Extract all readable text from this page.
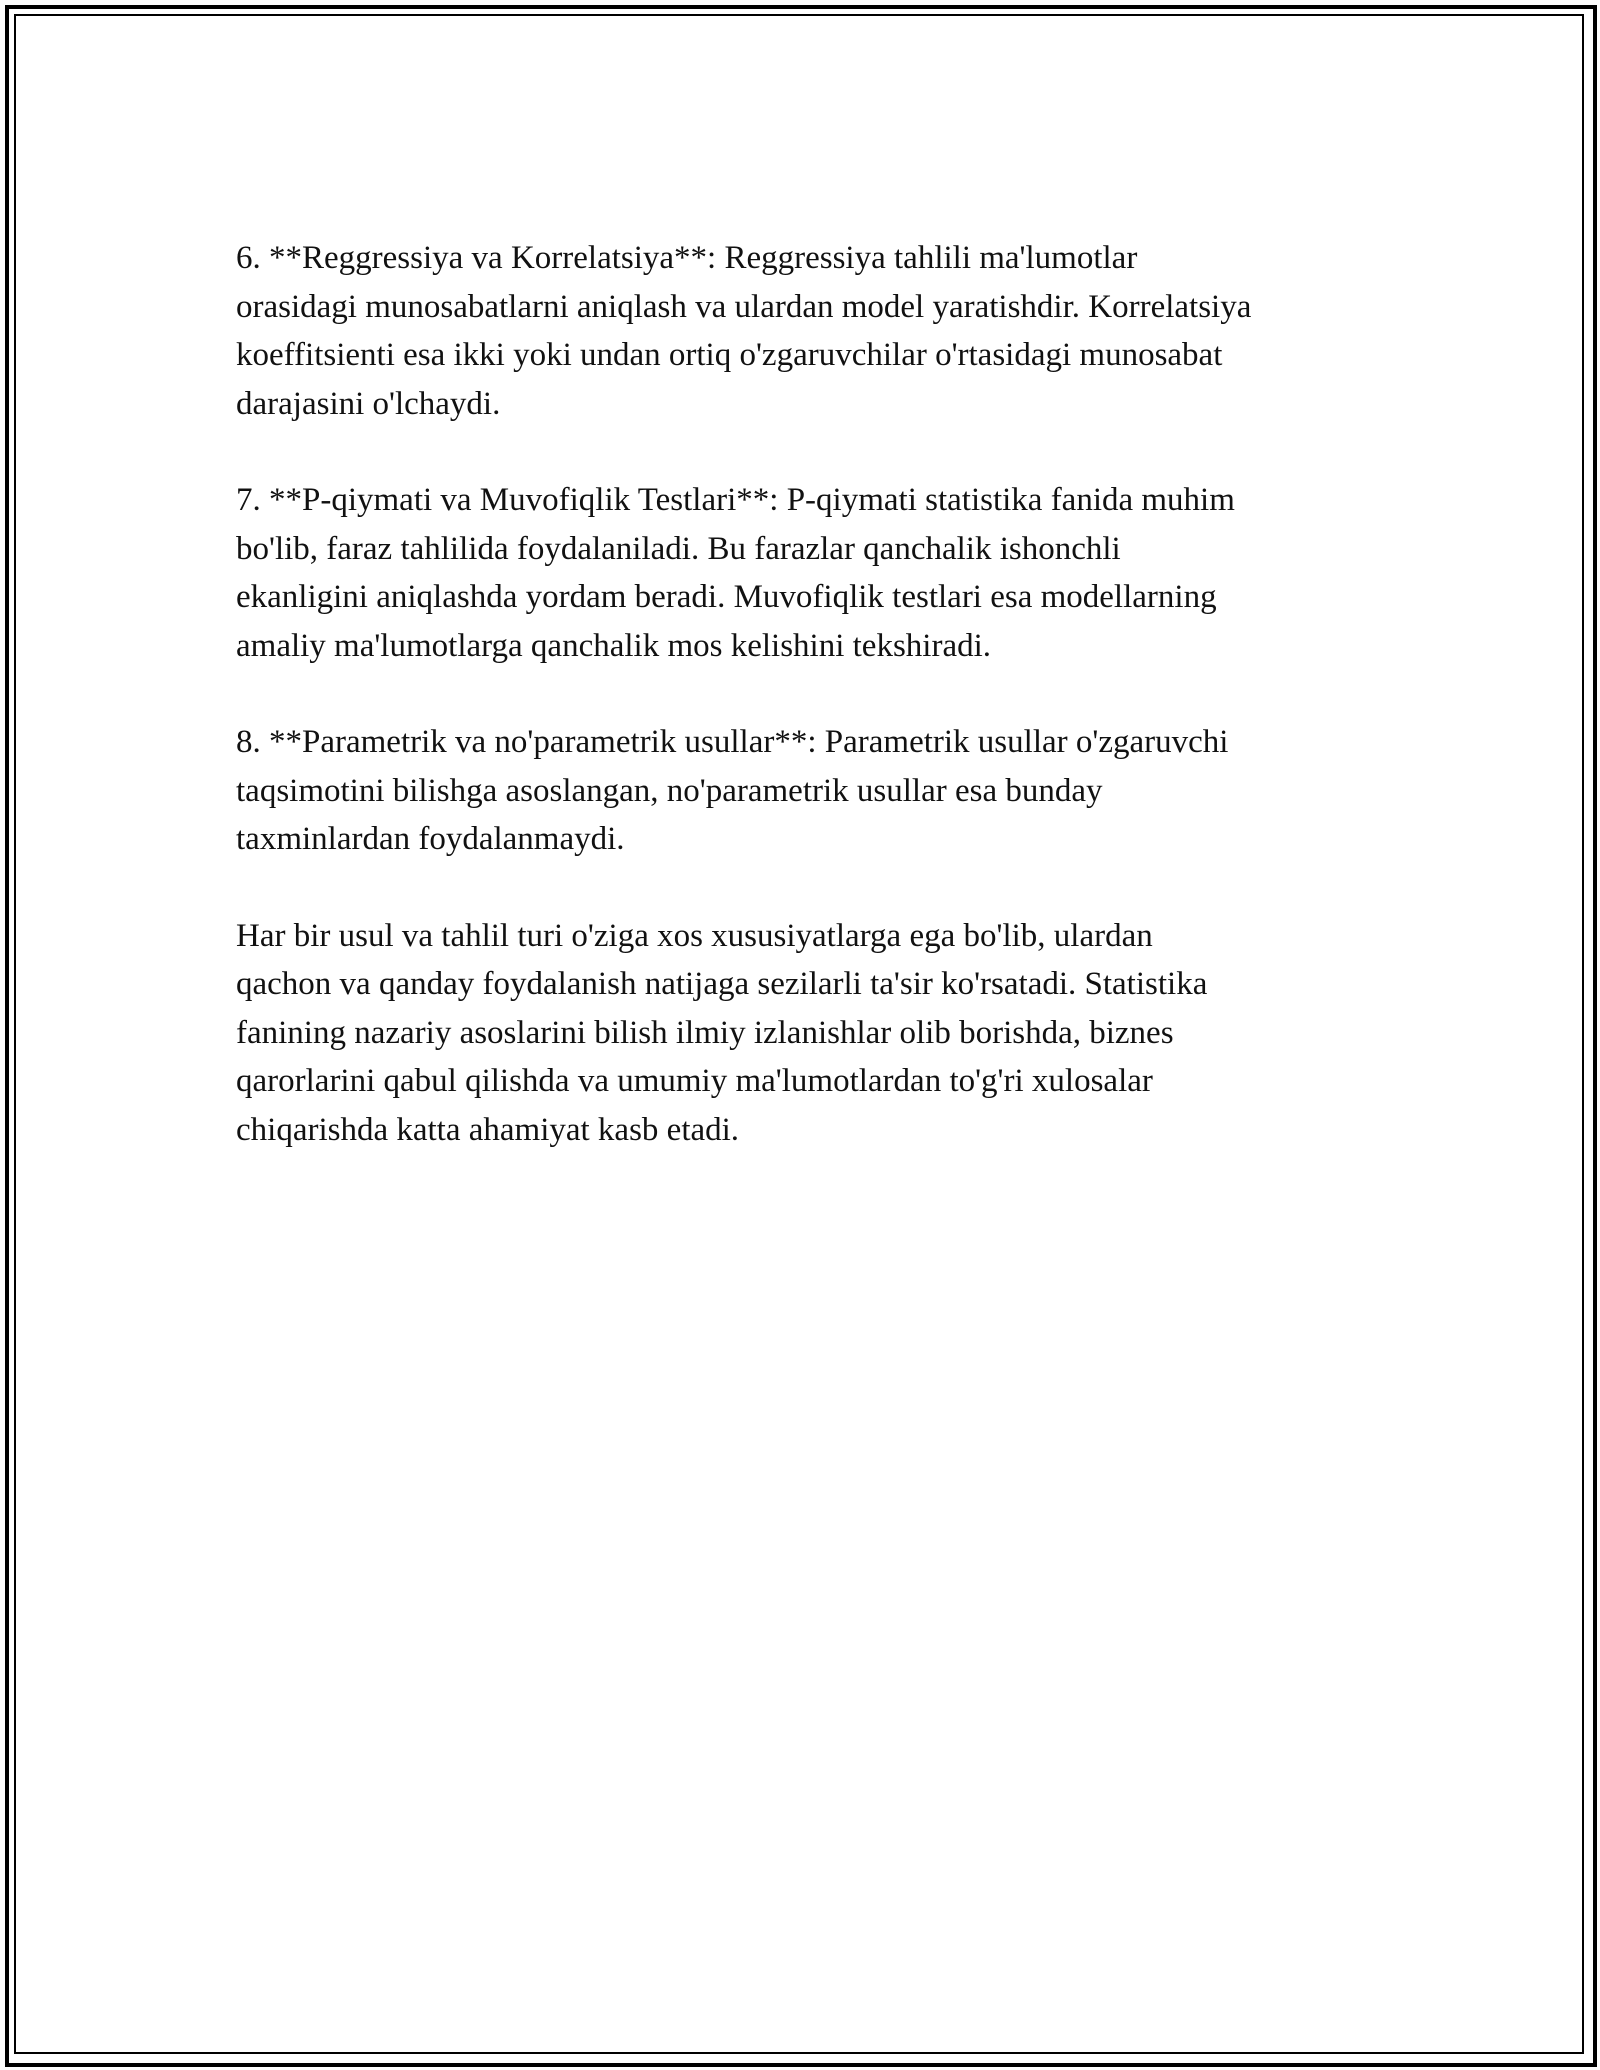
6. **Reggressiya va Korrelatsiya**: Reggressiya tahlili ma'lumotlar
orasidagi munosabatlarni aniqlash va ulardan model yaratishdir. Korrelatsiya
koeffitsienti esa ikki yoki undan ortiq o'zgaruvchilar o'rtasidagi munosabat
darajasini o'lchaydi.

7. **P-qiymati va Muvofiqlik Testlari**: P-qiymati statistika fanida muhim
bo'lib, faraz tahlilida foydalaniladi. Bu farazlar qanchalik ishonchli
ekanligini aniqlashda yordam beradi. Muvofiqlik testlari esa modellarning
amaliy ma'lumotlarga qanchalik mos kelishini tekshiradi.

8. **Parametrik va no'parametrik usullar**: Parametrik usullar o'zgaruvchi
taqsimotini bilishga asoslangan, no'parametrik usullar esa bunday
taxminlardan foydalanmaydi.

Har bir usul va tahlil turi o'ziga xos xususiyatlarga ega bo'lib, ulardan
qachon va qanday foydalanish natijaga sezilarli ta'sir ko'rsatadi. Statistika
fanining nazariy asoslarini bilish ilmiy izlanishlar olib borishda, biznes
qarorlarini qabul qilishda va umumiy ma'lumotlardan to'g'ri xulosalar
chiqarishda katta ahamiyat kasb etadi.
